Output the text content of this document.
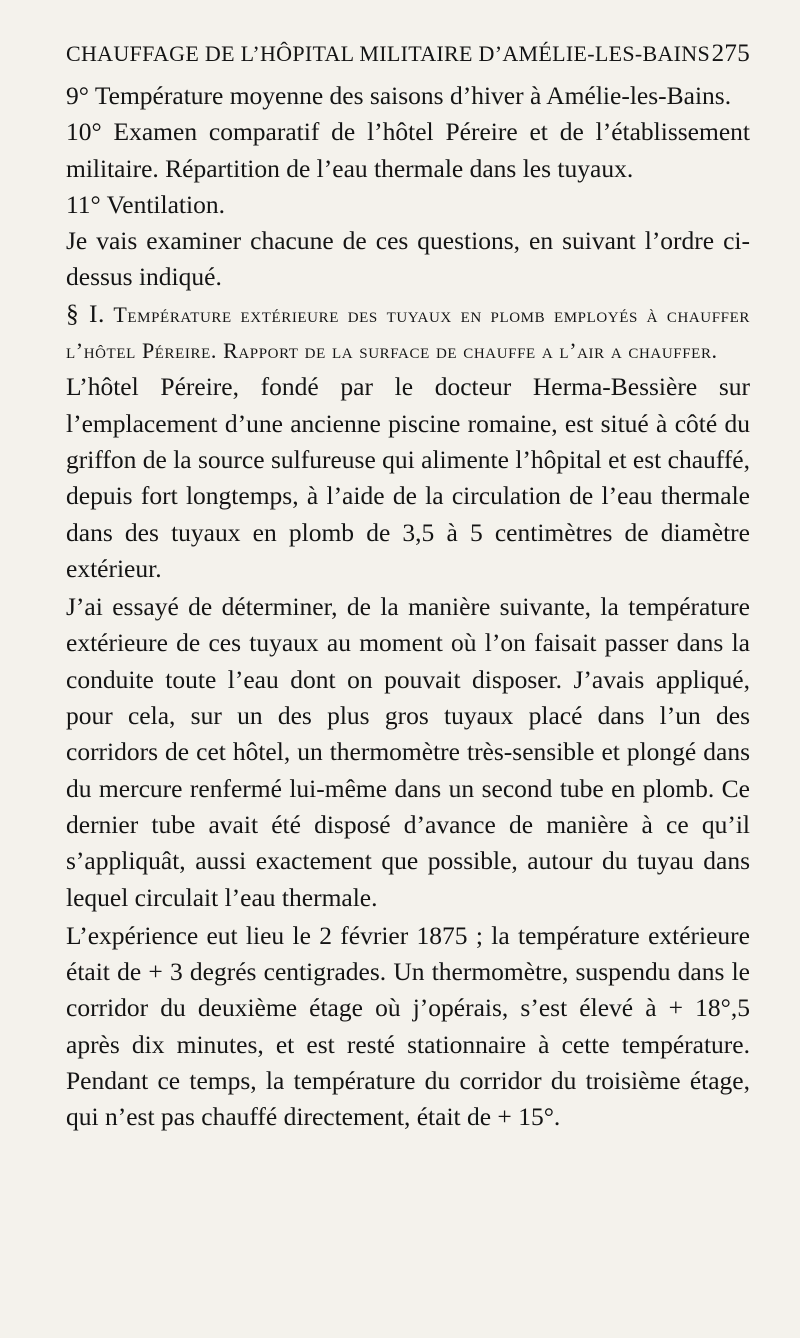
CHAUFFAGE DE L’HÔPITAL MILITAIRE D’AMÉLIE-LES-BAINS 275

9° Température moyenne des saisons d’hiver à Amélie-les-Bains.

10° Examen comparatif de l’hôtel Péreire et de l’établissement militaire. Répartition de l’eau thermale dans les tuyaux.

11° Ventilation.

Je vais examiner chacune de ces questions, en suivant l’ordre ci-dessus indiqué.

§ I. Température extérieure des tuyaux en plomb employés à chauffer l’hôtel Péreire. Rapport de la surface de chauffe a l’air a chauffer.

L’hôtel Péreire, fondé par le docteur Herma-Bessière sur l’emplacement d’une ancienne piscine romaine, est situé à côté du griffon de la source sulfureuse qui alimente l’hôpital et est chauffé, depuis fort longtemps, à l’aide de la circulation de l’eau thermale dans des tuyaux en plomb de 3,5 à 5 centimètres de diamètre extérieur.

J’ai essayé de déterminer, de la manière suivante, la température extérieure de ces tuyaux au moment où l’on faisait passer dans la conduite toute l’eau dont on pouvait disposer. J’avais appliqué, pour cela, sur un des plus gros tuyaux placé dans l’un des corridors de cet hôtel, un thermomètre très-sensible et plongé dans du mercure renfermé lui-même dans un second tube en plomb. Ce dernier tube avait été disposé d’avance de manière à ce qu’il s’appliquât, aussi exactement que possible, autour du tuyau dans lequel circulait l’eau thermale.

L’expérience eut lieu le 2 février 1875 ; la température extérieure était de + 3 degrés centigrades. Un thermomètre, suspendu dans le corridor du deuxième étage où j’opérais, s’est élevé à + 18°,5 après dix minutes, et est resté stationnaire à cette température. Pendant ce temps, la température du corridor du troisième étage, qui n’est pas chauffé directement, était de + 15°.
